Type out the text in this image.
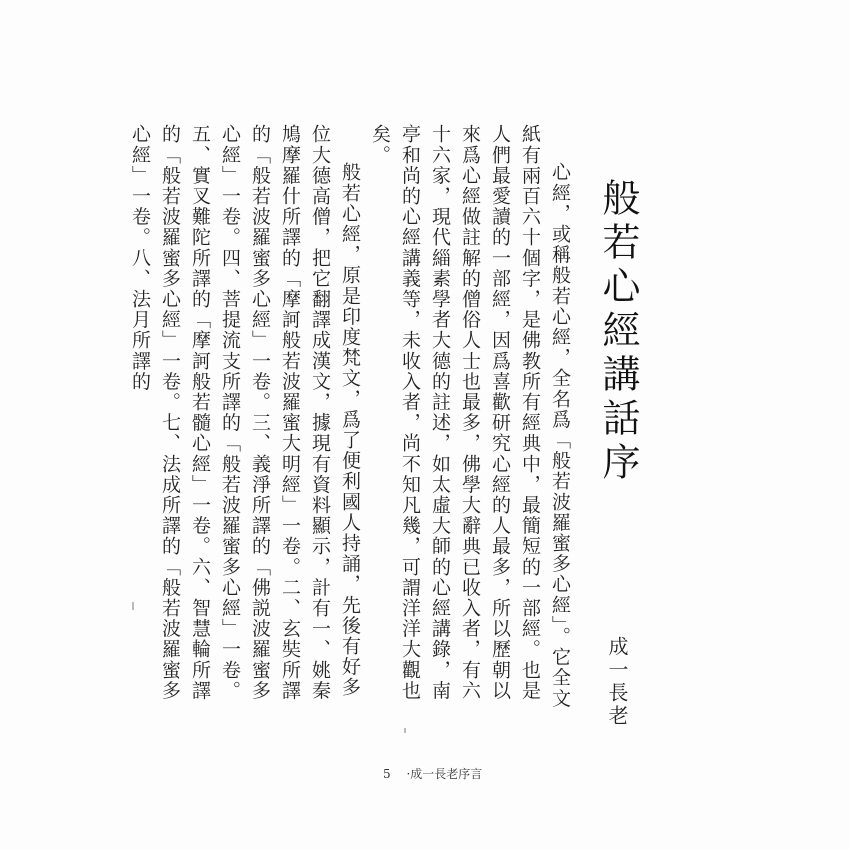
般若心經講話序
成一長老

心經，或稱般若心經，全名爲「般若波羅蜜多心經」。它全文紙有兩百六十個字，是佛教所有經典中，最簡短的一部經。也是人們最愛讀的一部經，因爲喜歡研究心經的人最多，所以歷朝以來爲心經做註解的僧俗人士也最多，佛學大辭典已收入者，有六十六家，現代緇素學者大德的註述，如太虛大師的心經講錄，南亭和尚的心經講義等，未收入者，尚不知凡幾，可謂洋洋大觀也矣。

般若心經，原是印度梵文，爲了便利國人持誦，先後有好多位大德高僧，把它翻譯成漢文，據現有資料顯示，計有一、姚秦鳩摩羅什所譯的「摩訶般若波羅蜜大明經」一卷。二、玄奘所譯的「般若波羅蜜多心經」一卷。三、義淨所譯的「佛説波羅蜜多心經」一卷。四、菩提流支所譯的「般若波羅蜜多心經」一卷。五、實叉難陀所譯的「摩訶般若髓心經」一卷。六、智慧輪所譯的「般若波羅蜜多心經」一卷。七、法成所譯的「般若波羅蜜多心經」一卷。八、法月所譯的

5 ·成一長老序言
